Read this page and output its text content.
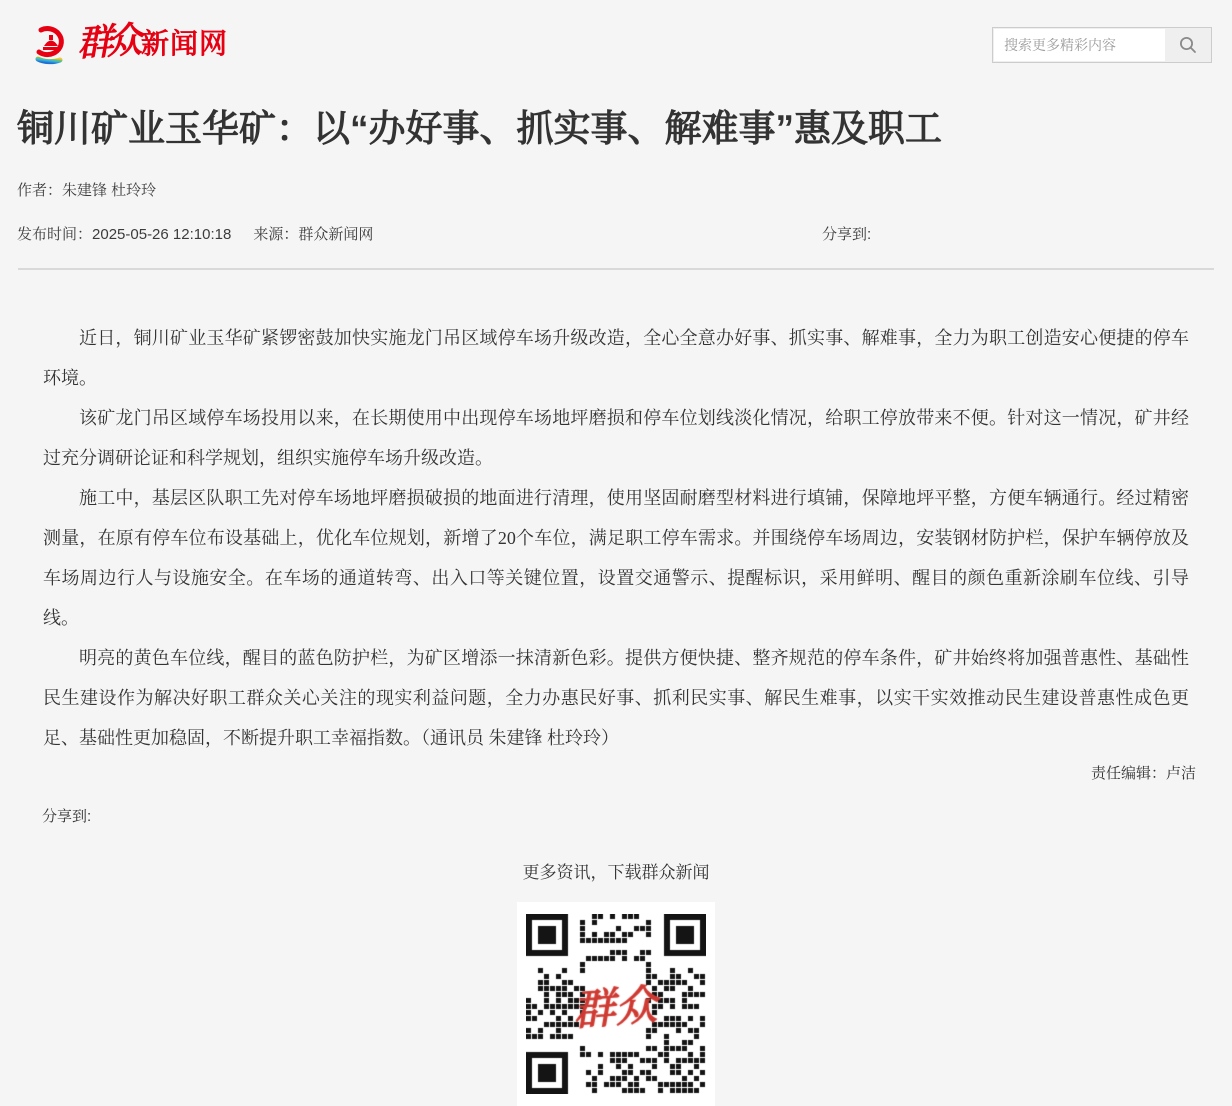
群众 新闻网
搜索更多精彩内容
铜川矿业玉华矿：以“办好事、抓实事、解难事”惠及职工
作者：朱建锋 杜玲玲
发布时间：2025-05-26 12:10:18 来源：群众新闻网	分享到:

近日，铜川矿业玉华矿紧锣密鼓加快实施龙门吊区域停车场升级改造，全心全意办好事、抓实事、解难事，全力为职工创造安心便捷的停车环境。

该矿龙门吊区域停车场投用以来，在长期使用中出现停车场地坪磨损和停车位划线淡化情况，给职工停放带来不便。针对这一情况，矿井经过充分调研论证和科学规划，组织实施停车场升级改造。

施工中，基层区队职工先对停车场地坪磨损破损的地面进行清理，使用坚固耐磨型材料进行填铺，保障地坪平整，方便车辆通行。经过精密测量，在原有停车位布设基础上，优化车位规划，新增了20个车位，满足职工停车需求。并围绕停车场周边，安装钢材防护栏，保护车辆停放及车场周边行人与设施安全。在车场的通道转弯、出入口等关键位置，设置交通警示、提醒标识，采用鲜明、醒目的颜色重新涂刷车位线、引导线。

明亮的黄色车位线，醒目的蓝色防护栏，为矿区增添一抹清新色彩。提供方便快捷、整齐规范的停车条件，矿井始终将加强普惠性、基础性民生建设作为解决好职工群众关心关注的现实利益问题，全力办惠民好事、抓利民实事、解民生难事，以实干实效推动民生建设普惠性成色更足、基础性更加稳固，不断提升职工幸福指数。（通讯员 朱建锋 杜玲玲）

责任编辑：卢洁
分享到:
更多资讯，下载群众新闻
